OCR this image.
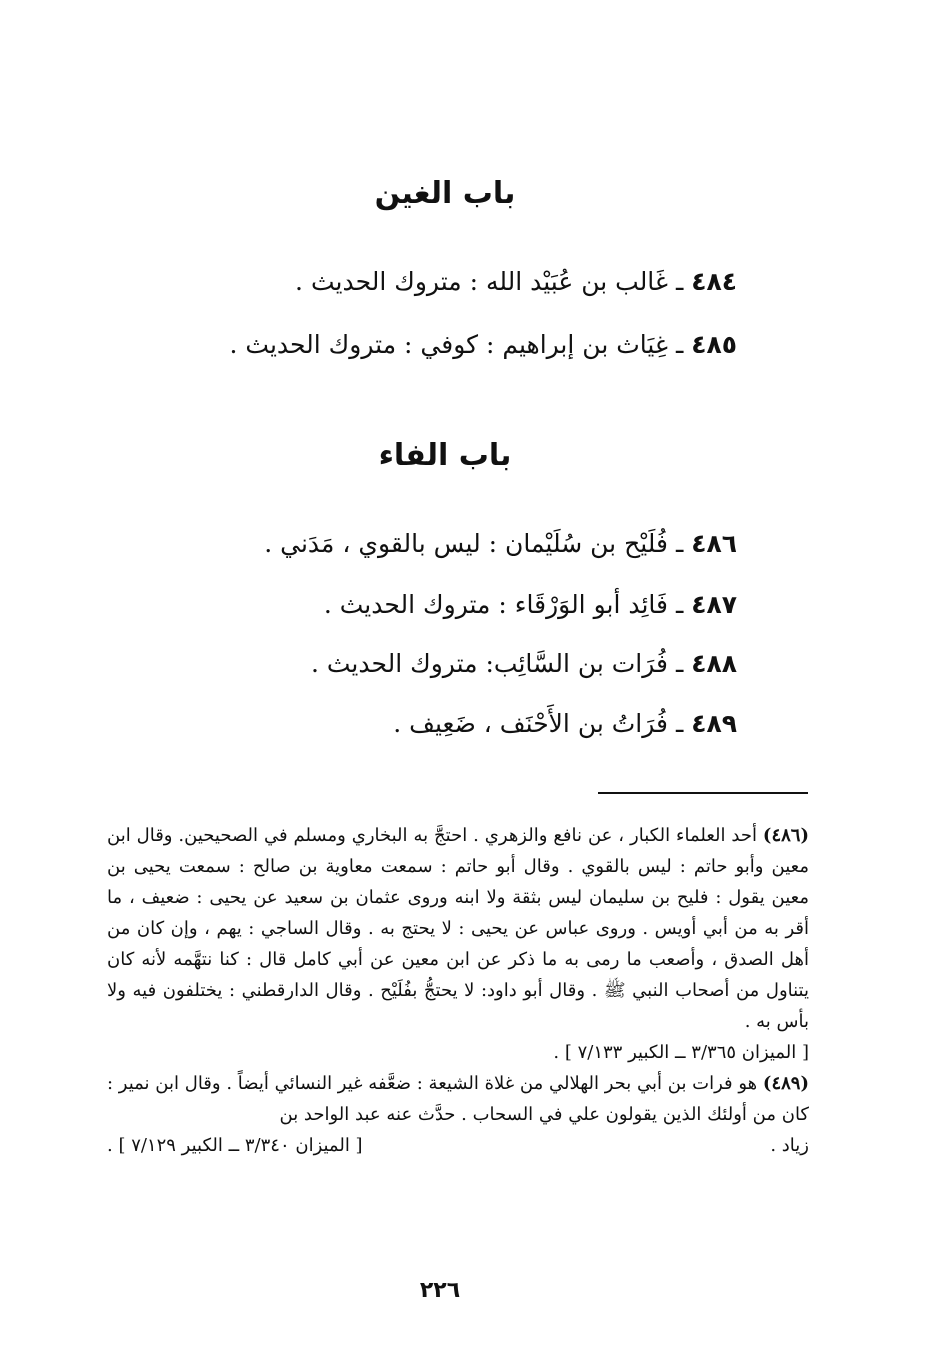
باب الغين
٤٨٤ ـ غَالب بن عُبَيْد الله : متروك الحديث .
٤٨٥ ـ غِيَاث بن إبراهيم : كوفي : متروك الحديث .
باب الفاء
٤٨٦ ـ فُلَيْح بن سُلَيْمان : ليس بالقوي ، مَدَني .
٤٨٧ ـ فَائِد أبو الوَرْقَاء : متروك الحديث .
٤٨٨ ـ فُرَات بن السَّائِب: متروك الحديث .
٤٨٩ ـ فُرَاتُ بن الأَحْنَف ، ضَعِيف .

(٤٨٦) أحد العلماء الكبار ، عن نافع والزهري . احتجَّ به البخاري ومسلم في الصحيحين. وقال ابن معين وأبو حاتم : ليس بالقوي . وقال أبو حاتم : سمعت معاوية بن صالح : سمعت يحيى بن معين يقول : فليح بن سليمان ليس بثقة ولا ابنه وروى عثمان بن سعيد عن يحيى : ضعيف ، ما أقر به من أبي أويس . وروى عباس عن يحيى : لا يحتج به . وقال الساجي : يهم ، وإن كان من أهل الصدق ، وأصعب ما رمى به ما ذكر عن ابن معين عن أبي كامل قال : كنا نتهَّمه لأنه كان يتناول من أصحاب النبي ﷺ . وقال أبو داود: لا يحتجُّ بفُلَيْح . وقال الدارقطني : يختلفون فيه ولا بأس به .
[ الميزان ٣/٣٦٥ ــ الكبير ٧/١٣٣ ] .

(٤٨٩) هو فرات بن أبي بحر الهلالي من غلاة الشيعة : ضعَّفه غير النسائي أيضاً . وقال ابن نمير : كان من أولئك الذين يقولون علي في السحاب . حدَّث عنه عبد الواحد بن

زياد .
[ الميزان ٣/٣٤٠ ــ الكبير ٧/١٢٩ ] .
٢٢٦
